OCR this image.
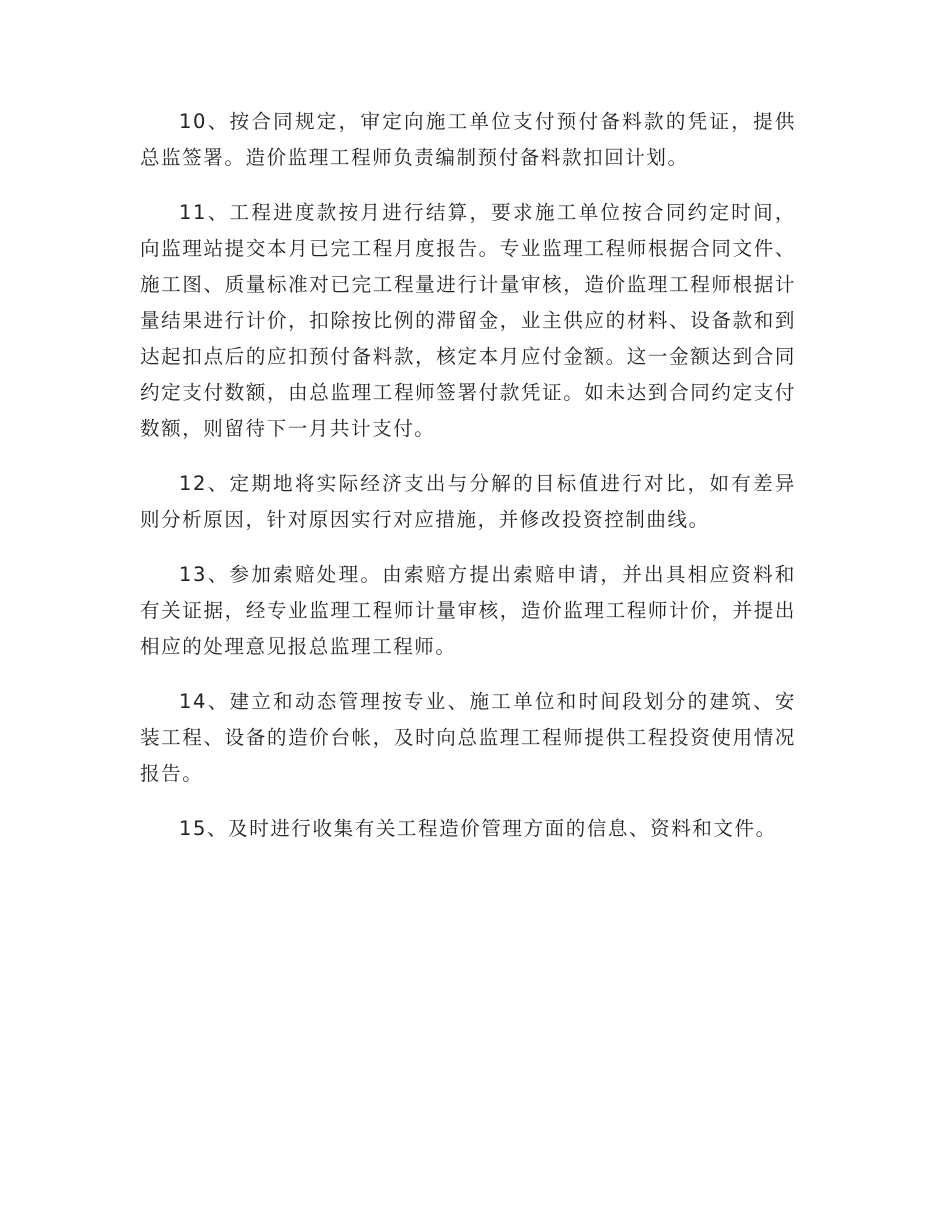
10、按合同规定，审定向施工单位支付预付备料款的凭证，提供总监签署。造价监理工程师负责编制预付备料款扣回计划。

11、工程进度款按月进行结算，要求施工单位按合同约定时间，向监理站提交本月已完工程月度报告。专业监理工程师根据合同文件、施工图、质量标准对已完工程量进行计量审核，造价监理工程师根据计量结果进行计价，扣除按比例的滞留金，业主供应的材料、设备款和到达起扣点后的应扣预付备料款，核定本月应付金额。这一金额达到合同约定支付数额，由总监理工程师签署付款凭证。如未达到合同约定支付数额，则留待下一月共计支付。

12、定期地将实际经济支出与分解的目标值进行对比，如有差异则分析原因，针对原因实行对应措施，并修改投资控制曲线。

13、参加索赔处理。由索赔方提出索赔申请，并出具相应资料和有关证据，经专业监理工程师计量审核，造价监理工程师计价，并提出相应的处理意见报总监理工程师。

14、建立和动态管理按专业、施工单位和时间段划分的建筑、安装工程、设备的造价台帐，及时向总监理工程师提供工程投资使用情况报告。

15、及时进行收集有关工程造价管理方面的信息、资料和文件。
